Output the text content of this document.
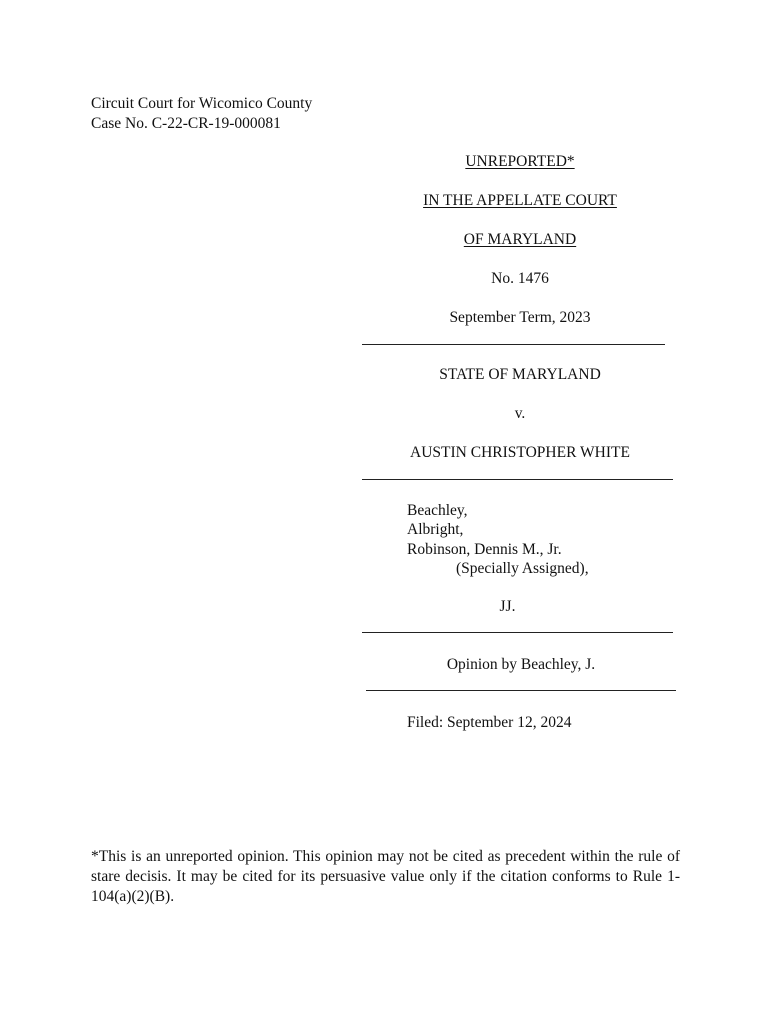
Circuit Court for Wicomico County
Case No. C-22-CR-19-000081
UNREPORTED*
IN THE APPELLATE COURT
OF MARYLAND
No. 1476
September Term, 2023
STATE OF MARYLAND
v.
AUSTIN CHRISTOPHER WHITE
Beachley,
Albright,
Robinson, Dennis M., Jr.
(Specially Assigned),
JJ.
Opinion by Beachley, J.
Filed: September 12, 2024
*This is an unreported opinion. This opinion may not be cited as precedent within the rule of stare decisis. It may be cited for its persuasive value only if the citation conforms to Rule 1-104(a)(2)(B).
